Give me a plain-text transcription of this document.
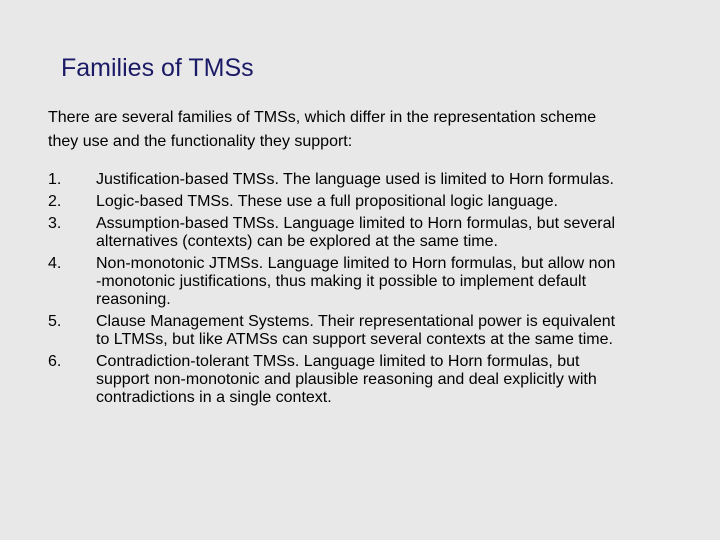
Families of TMSs
There are several families of TMSs, which differ in the representation scheme
they use and the functionality they support:
1.	Justification-based TMSs. The language used is limited to Horn formulas.
2.	Logic-based TMSs. These use a full propositional logic language.
3.	Assumption-based TMSs. Language limited to Horn formulas, but several
alternatives (contexts) can be explored at the same time.
4.	Non-monotonic JTMSs. Language limited to Horn formulas, but allow non
-monotonic justifications, thus making it possible to implement default
reasoning.
5.	Clause Management Systems. Their representational power is equivalent
to LTMSs, but like ATMSs can support several contexts at the same time.
6.	Contradiction-tolerant TMSs. Language limited to Horn formulas, but
support non-monotonic and plausible reasoning and deal explicitly with
contradictions in a single context.
